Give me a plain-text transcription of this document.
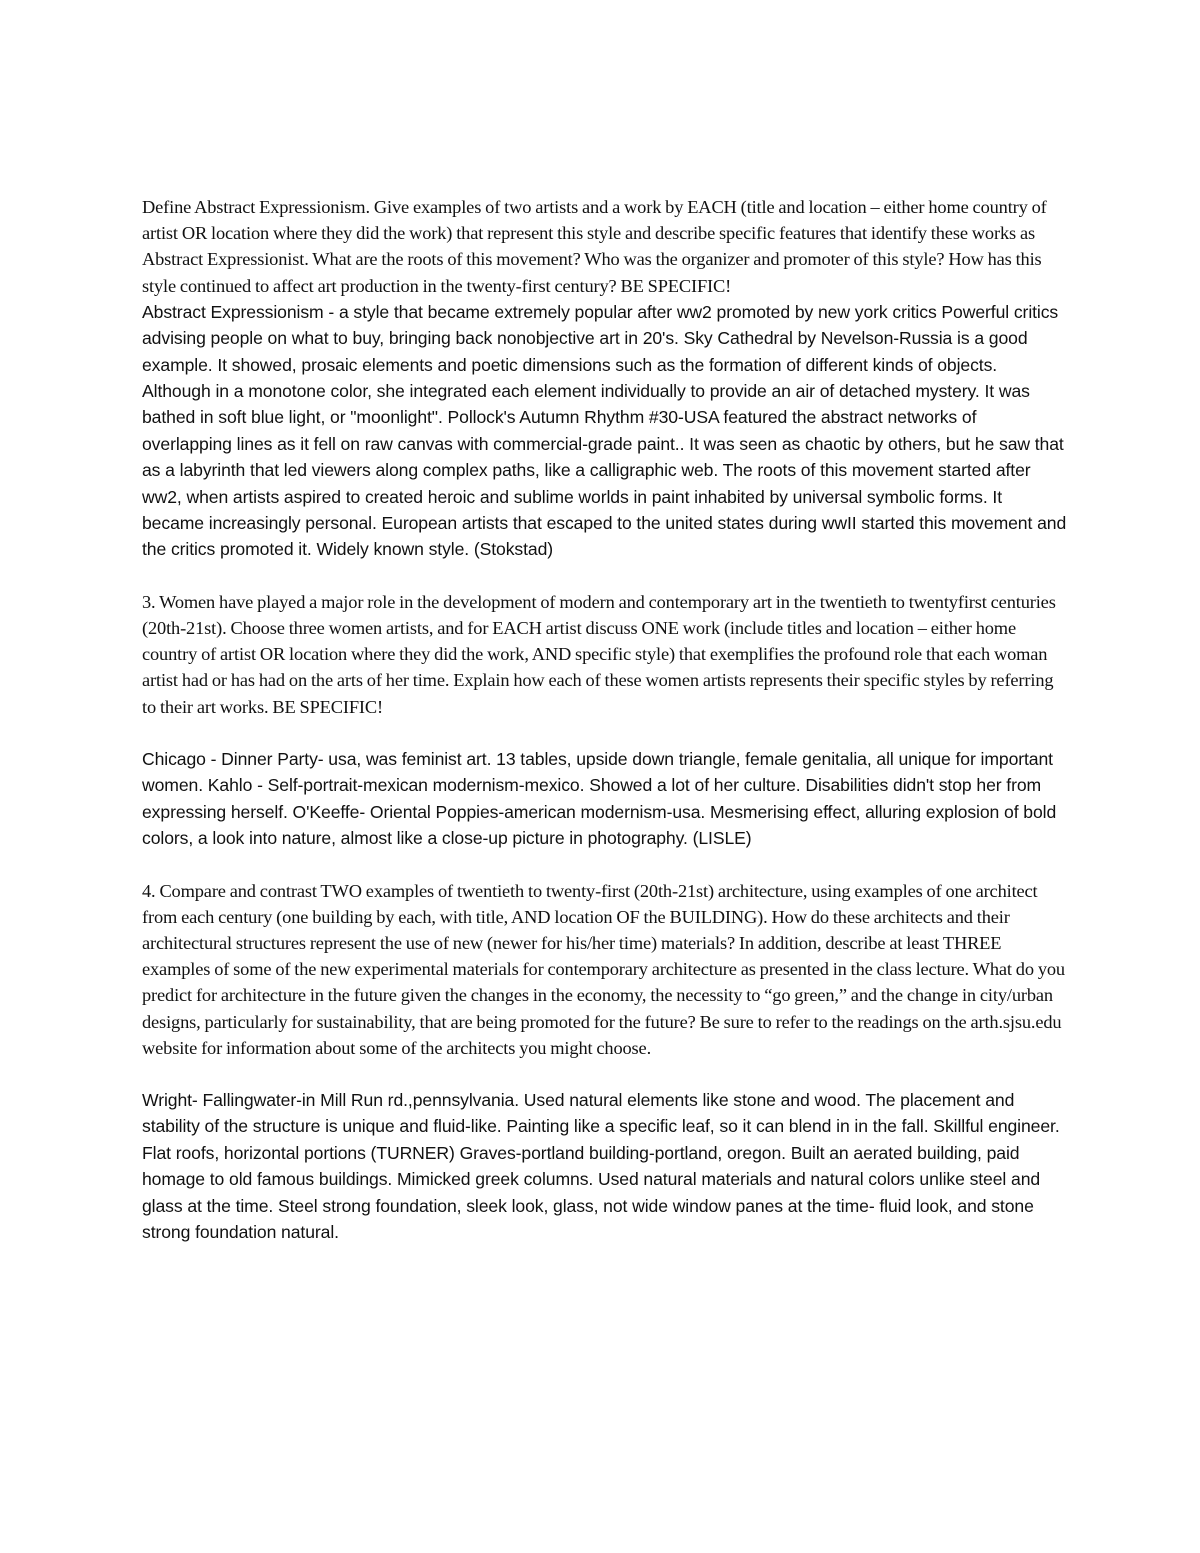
Define Abstract Expressionism. Give examples of two artists and a work by EACH (title and location – either home country of artist OR location where they did the work) that represent this style and describe specific features that identify these works as Abstract Expressionist. What are the roots of this movement? Who was the organizer and promoter of this style? How has this style continued to affect art production in the twenty-first century? BE SPECIFIC!

Abstract Expressionism - a style that became extremely popular after ww2 promoted by new york critics Powerful critics advising people on what to buy, bringing back nonobjective art in 20's. Sky Cathedral by Nevelson-Russia is a good example. It showed, prosaic elements and poetic dimensions such as the formation of different kinds of objects. Although in a monotone color, she integrated each element individually to provide an air of detached mystery. It was bathed in soft blue light, or "moonlight". Pollock's Autumn Rhythm #30-USA featured the abstract networks of overlapping lines as it fell on raw canvas with commercial-grade paint.. It was seen as chaotic by others, but he saw that as a labyrinth that led viewers along complex paths, like a calligraphic web. The roots of this movement started after ww2, when artists aspired to created heroic and sublime worlds in paint inhabited by universal symbolic forms. It became increasingly personal. European artists that escaped to the united states during wwII started this movement and the critics promoted it. Widely known style. (Stokstad)

3. Women have played a major role in the development of modern and contemporary art in the twentieth to twentyfirst centuries (20th-21st). Choose three women artists, and for EACH artist discuss ONE work (include titles and location – either home country of artist OR location where they did the work, AND specific style) that exemplifies the profound role that each woman artist had or has had on the arts of her time. Explain how each of these women artists represents their specific styles by referring to their art works. BE SPECIFIC!

Chicago - Dinner Party- usa, was feminist art. 13 tables, upside down triangle, female genitalia, all unique for important women. Kahlo - Self-portrait-mexican modernism-mexico. Showed a lot of her culture. Disabilities didn't stop her from expressing herself. O'Keeffe- Oriental Poppies-american modernism-usa. Mesmerising effect, alluring explosion of bold colors, a look into nature, almost like a close-up picture in photography. (LISLE)

4. Compare and contrast TWO examples of twentieth to twenty-first (20th-21st) architecture, using examples of one architect from each century (one building by each, with title, AND location OF the BUILDING). How do these architects and their architectural structures represent the use of new (newer for his/her time) materials? In addition, describe at least THREE examples of some of the new experimental materials for contemporary architecture as presented in the class lecture. What do you predict for architecture in the future given the changes in the economy, the necessity to “go green,” and the change in city/urban designs, particularly for sustainability, that are being promoted for the future? Be sure to refer to the readings on the arth.sjsu.edu website for information about some of the architects you might choose.

Wright- Fallingwater-in Mill Run rd.,pennsylvania. Used natural elements like stone and wood. The placement and stability of the structure is unique and fluid-like. Painting like a specific leaf, so it can blend in in the fall. Skillful engineer. Flat roofs, horizontal portions (TURNER) Graves-portland building-portland, oregon. Built an aerated building, paid homage to old famous buildings. Mimicked greek columns. Used natural materials and natural colors unlike steel and glass at the time. Steel strong foundation, sleek look, glass, not wide window panes at the time- fluid look, and stone strong foundation natural.
